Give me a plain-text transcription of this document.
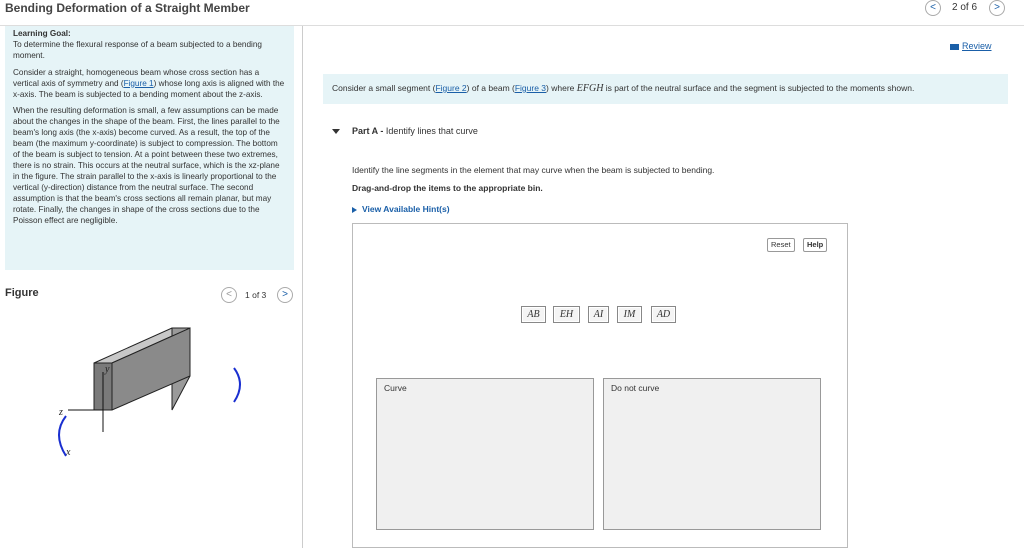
Bending Deformation of a Straight Member	<	2 of 6	>

Learning Goal:

To determine the flexural response of a beam subjected to a bending moment.

Consider a straight, homogeneous beam whose cross section has a vertical axis of symmetry and (Figure 1) whose long axis is aligned with the x-axis. The beam is subjected to a bending moment about the z-axis.

When the resulting deformation is small, a few assumptions can be made about the changes in the shape of the beam. First, the lines parallel to the beam's long axis (the x-axis) become curved. As a result, the top of the beam (the maximum y-coordinate) is subject to compression. The bottom of the beam is subject to tension. At a point between these two extremes, there is no strain. This occurs at the neutral surface, which is the xz-plane in the figure. The strain parallel to the x-axis is linearly proportional to the vertical (y-direction) distance from the neutral surface. The second assumption is that the beam's cross sections all remain planar, but may rotate. Finally, the changes in shape of the cross sections due to the Poisson effect are negligible.

Figure	<	1 of 3	>
y
z
x
Review
Consider a small segment (Figure 2) of a beam (Figure 3) where EFGH is part of the neutral surface and the segment is subjected to the moments shown.
Part A - Identify lines that curve
Identify the line segments in the element that may curve when the beam is subjected to bending.
Drag-and-drop the items to the appropriate bin.
View Available Hint(s)
Reset	Help
AB	EH	AI	IM	AD
Curve	Do not curve
